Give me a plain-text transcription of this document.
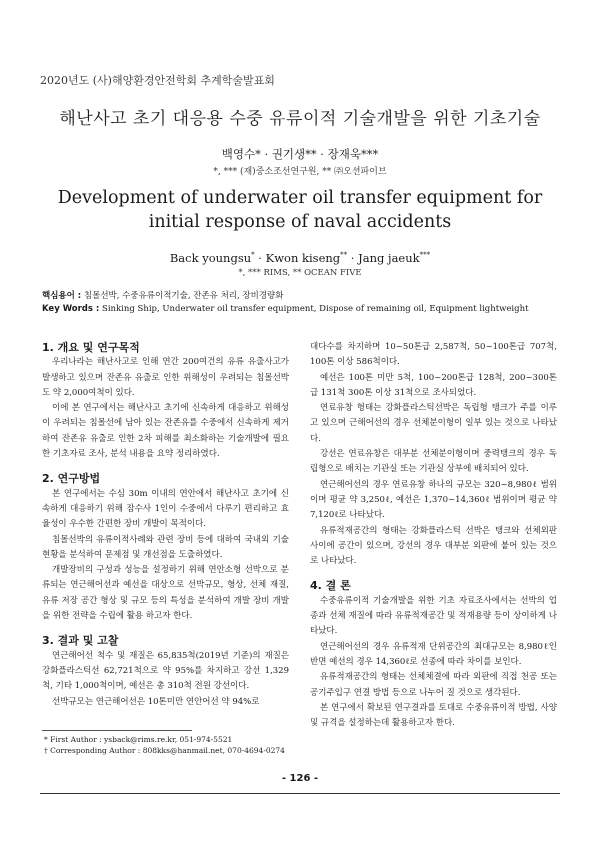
2020년도 (사)해양환경안전학회 추계학술발표회
해난사고 초기 대응용 수중 유류이적 기술개발을 위한 기초기술
백영수* · 권기생** · 장재욱***
*, *** (재)중소조선연구원, ** ㈜오션파이브
Development of underwater oil transfer equipment for initial response of naval accidents
Back youngsu* · Kwon kiseng** · Jang jaeuk***
*, *** RIMS, ** OCEAN FIVE
핵심용어 : 침몰선박, 수중유류이적기술, 잔존유 처리, 장비경량화
Key Words : Sinking Ship, Underwater oil transfer equipment, Dispose of remaining oil, Equipment lightweight
1. 개요 및 연구목적

우리나라는 해난사고로 인해 연간 200여건의 유류 유출사고가 발생하고 있으며 잔존유 유출로 인한 위해성이 우려되는 침몰선박도 약 2,000여척이 있다.

이에 본 연구에서는 해난사고 초기에 신속하게 대응하고 위해성이 우려되는 침몰선에 남아 있는 잔존유를 수중에서 신속하게 제거하여 잔존유 유출로 인한 2차 피해를 최소화하는 기술개발에 필요한 기초자료 조사, 분석 내용을 요약 정리하였다.

2. 연구방법

본 연구에서는 수심 30m 이내의 연안에서 해난사고 초기에 신속하게 대응하기 위해 잠수사 1인이 수중에서 다루기 편리하고 효율성이 우수한 간편한 장비 개발이 목적이다.

침몰선박의 유류이적사례와 관련 장비 등에 대하여 국내외 기술 현황을 분석하여 문제점 및 개선점을 도출하였다.

개발장비의 구성과 성능을 설정하기 위해 연안소형 선박으로 분류되는 연근해어선과 예선을 대상으로 선박규모, 형상, 선체 재질, 유류 저장 공간 형상 및 규모 등의 특성을 분석하여 개발 장비 개발을 위한 전략을 수립에 활용 하고자 한다.

3. 결과 및 고찰

연근해어선 척수 및 재질은 65,835척(2019년 기준)의 재질은 강화플라스틱선 62,721척으로 약 95%를 차지하고 강선 1,329척, 기타 1,000척이며, 예선은 총 310척 전원 강선이다.

선박규모는 연근해어선은 10톤미만 연안어선 약 94%로

대다수를 차지하며 10~50톤급 2,587척, 50~100톤급 707척, 100톤 이상 586척이다.

예선은 100톤 미만 5척, 100~200톤급 128척, 200~300톤급 131척 300톤 이상 31척으로 조사되었다.

연료유창 형태는 강화플라스틱선박은 독립형 탱크가 주를 이루고 있으며 근해어선의 경우 선체분이형이 일부 있는 것으로 나타났다.

강선은 연료유창은 대부분 선체분이형이며 중력탱크의 경우 독립형으로 배치는 기관실 또는 기관실 상부에 배치되어 있다.

연근해어선의 경우 연료유창 하나의 규모는 320~8,980ℓ 범위이며 평균 약 3,250ℓ, 예선은 1,370~14,360ℓ 범위이며 평균 약 7,120ℓ로 나타났다.

유류적재공간의 형태는 강화플라스틱 선박은 탱크와 선체외판 사이에 공간이 있으며, 강선의 경우 대부분 외판에 붙어 있는 것으로 나타났다.

4. 결 론

수중유류이적 기술개발을 위한 기초 자료조사에서는 선박의 업종과 선체 재질에 따라 유류적재공간 및 적재용량 등이 상이하게 나타났다.

연근해어선의 경우 유류적재 단위공간의 최대규모는 8,980ℓ인 반면 예선의 경우 14,360ℓ로 선종에 따라 차이를 보인다.

유류적재공간의 형태는 선체체결에 따라 외판에 직접 천공 또는 공기주입구 연결 방법 등으로 나누어 질 것으로 생각된다.

본 연구에서 확보된 연구결과를 토대로 수중유류이적 방법, 사양 및 규격을 설정하는데 활용하고자 한다.

* First Author : ysback@rims.re.kr, 051-974-5521
† Corresponding Author : 808kks@hanmail.net, 070-4694-0274
- 126 -
